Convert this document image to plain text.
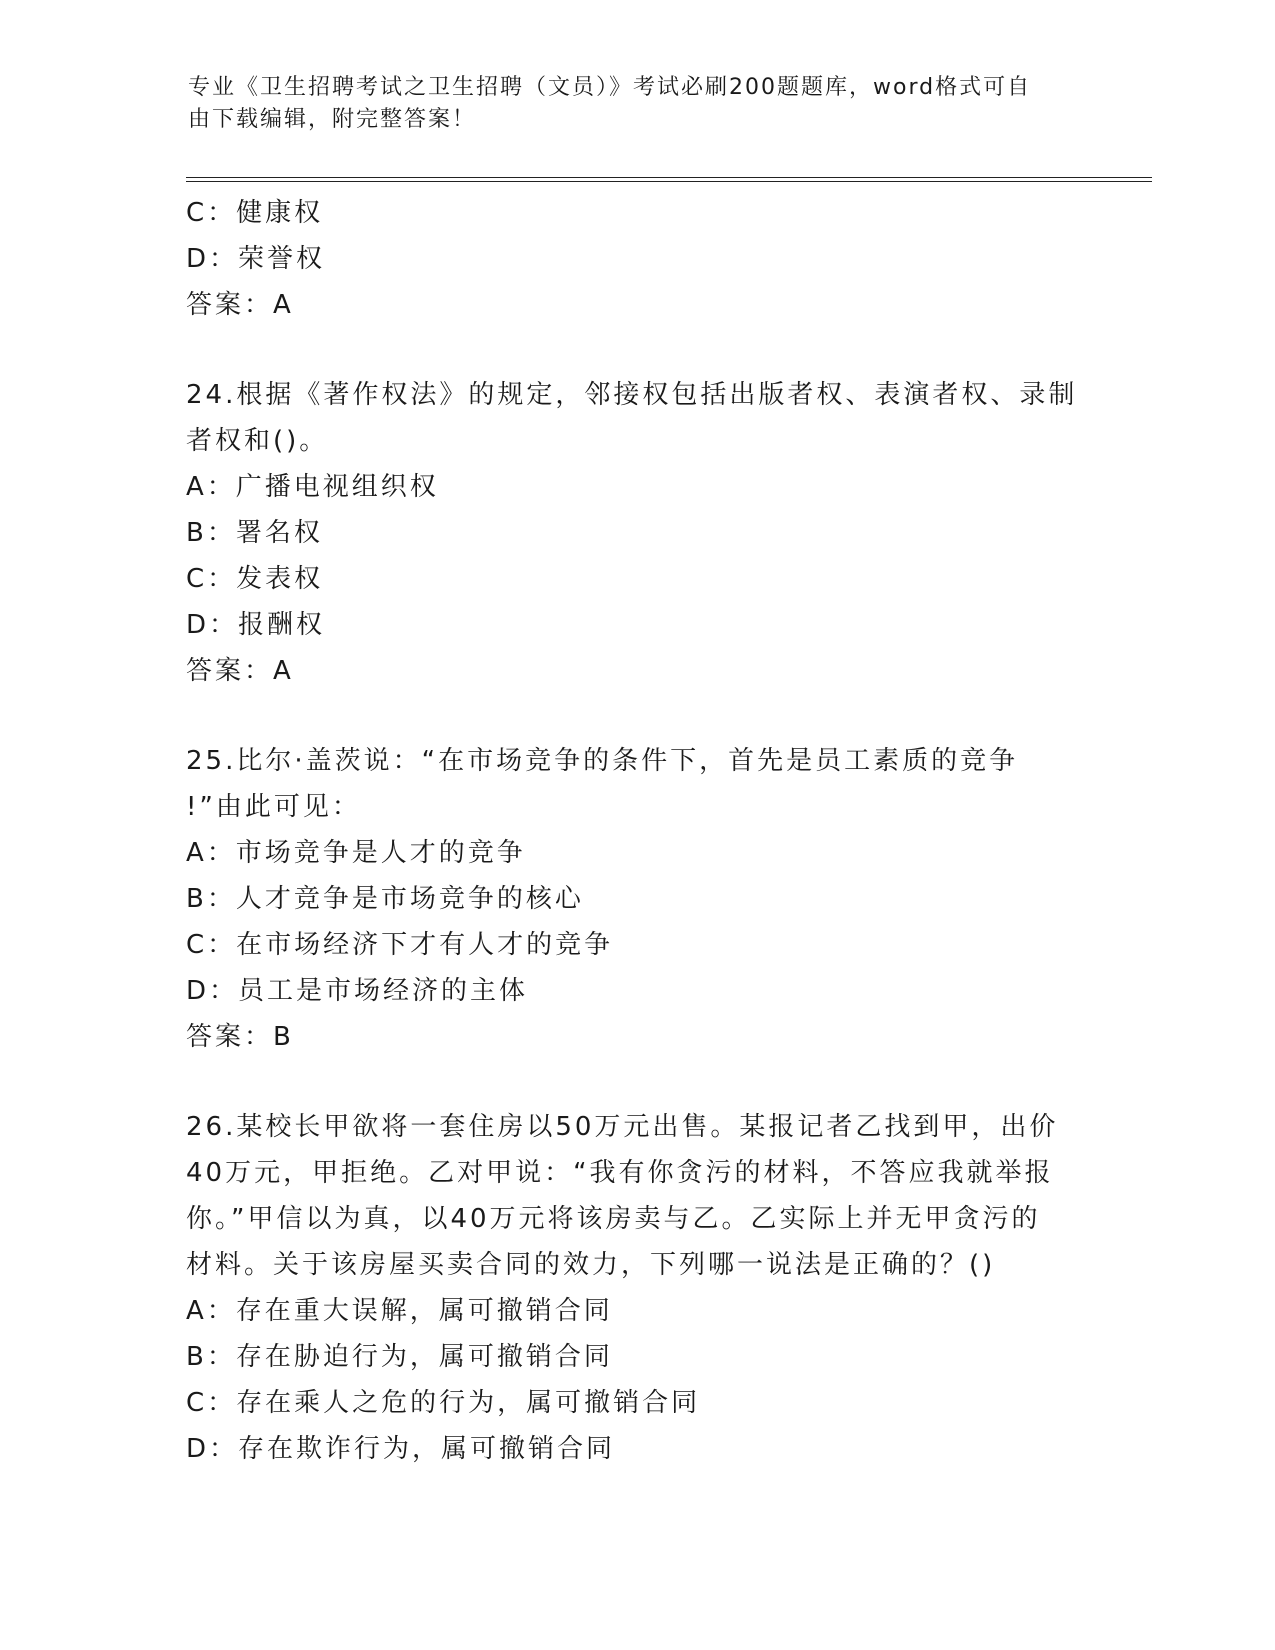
专业《卫生招聘考试之卫生招聘（文员）》考试必刷200题题库，word格式可自
由下载编辑，附完整答案！
C：健康权
D：荣誉权
答案：A
24.根据《著作权法》的规定，邻接权包括出版者权、表演者权、录制
者权和()。
A：广播电视组织权
B：署名权
C：发表权
D：报酬权
答案：A
25.比尔·盖茨说：“在市场竞争的条件下，首先是员工素质的竞争
!”由此可见：
A：市场竞争是人才的竞争
B：人才竞争是市场竞争的核心
C：在市场经济下才有人才的竞争
D：员工是市场经济的主体
答案：B
26.某校长甲欲将一套住房以50万元出售。某报记者乙找到甲，出价
40万元，甲拒绝。乙对甲说：“我有你贪污的材料，不答应我就举报
你。”甲信以为真，以40万元将该房卖与乙。乙实际上并无甲贪污的
材料。关于该房屋买卖合同的效力，下列哪一说法是正确的？()
A：存在重大误解，属可撤销合同
B：存在胁迫行为，属可撤销合同
C：存在乘人之危的行为，属可撤销合同
D：存在欺诈行为，属可撤销合同
